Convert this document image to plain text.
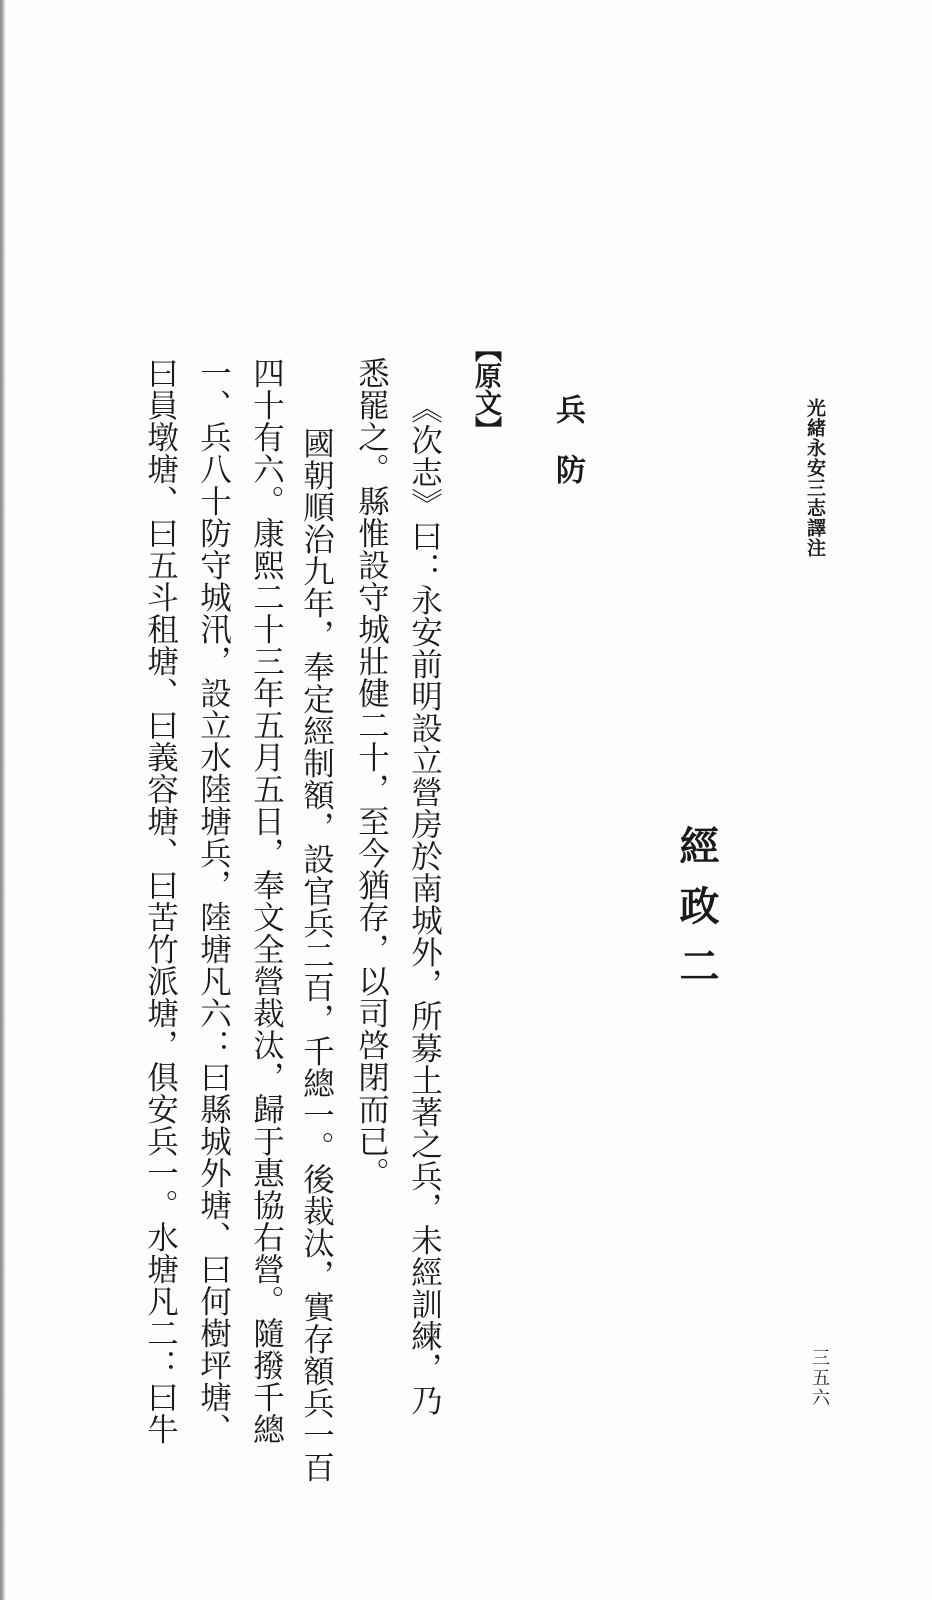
光緒永安三志譯注
三五六
經政二
兵防
【原文】
《次志》曰：永安前明設立營房於南城外，所募土著之兵，未經訓練，乃
悉罷之。縣惟設守城壯健二十，至今猶存，以司啓閉而已。
國朝順治九年，奉定經制額，設官兵二百，千總一。後裁汰，實存額兵一百
四十有六。康熙二十三年五月五日，奉文全營裁汰，歸于惠協右營。隨撥千總
一、兵八十防守城汛，設立水陸塘兵，陸塘凡六：曰縣城外塘、曰何樹坪塘、
曰員墩塘、曰五斗租塘、曰義容塘、曰苦竹派塘，俱安兵一。水塘凡二：曰牛
